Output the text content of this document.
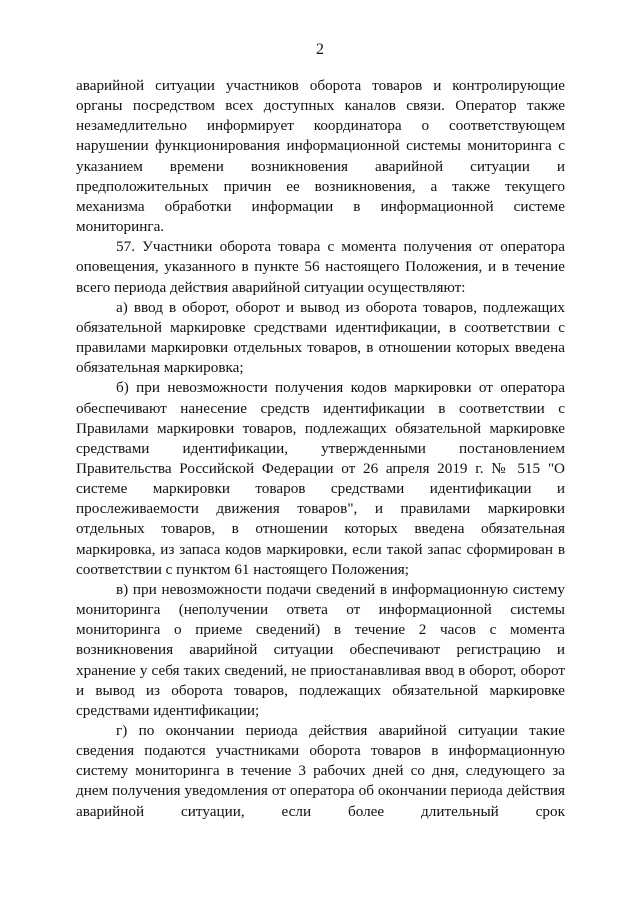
2

аварийной ситуации участников оборота товаров и контролирующие органы посредством всех доступных каналов связи. Оператор также незамедлительно информирует координатора о соответствующем нарушении функционирования информационной системы мониторинга с указанием времени возникновения аварийной ситуации и предположительных причин ее возникновения, а также текущего механизма обработки информации в информационной системе мониторинга.

57. Участники оборота товара с момента получения от оператора оповещения, указанного в пункте 56 настоящего Положения, и в течение всего периода действия аварийной ситуации осуществляют:

а) ввод в оборот, оборот и вывод из оборота товаров, подлежащих обязательной маркировке средствами идентификации, в соответствии с правилами маркировки отдельных товаров, в отношении которых введена обязательная маркировка;

б) при невозможности получения кодов маркировки от оператора обеспечивают нанесение средств идентификации в соответствии с Правилами маркировки товаров, подлежащих обязательной маркировке средствами идентификации, утвержденными постановлением Правительства Российской Федерации от 26 апреля 2019 г. № 515 "О системе маркировки товаров средствами идентификации и прослеживаемости движения товаров", и правилами маркировки отдельных товаров, в отношении которых введена обязательная маркировка, из запаса кодов маркировки, если такой запас сформирован в соответствии с пунктом 61 настоящего Положения;

в) при невозможности подачи сведений в информационную систему мониторинга (неполучении ответа от информационной системы мониторинга о приеме сведений) в течение 2 часов с момента возникновения аварийной ситуации обеспечивают регистрацию и хранение у себя таких сведений, не приостанавливая ввод в оборот, оборот и вывод из оборота товаров, подлежащих обязательной маркировке средствами идентификации;

г) по окончании периода действия аварийной ситуации такие сведения подаются участниками оборота товаров в информационную систему мониторинга в течение 3 рабочих дней со дня, следующего за днем получения уведомления от оператора об окончании периода действия аварийной ситуации, если более длительный срок
